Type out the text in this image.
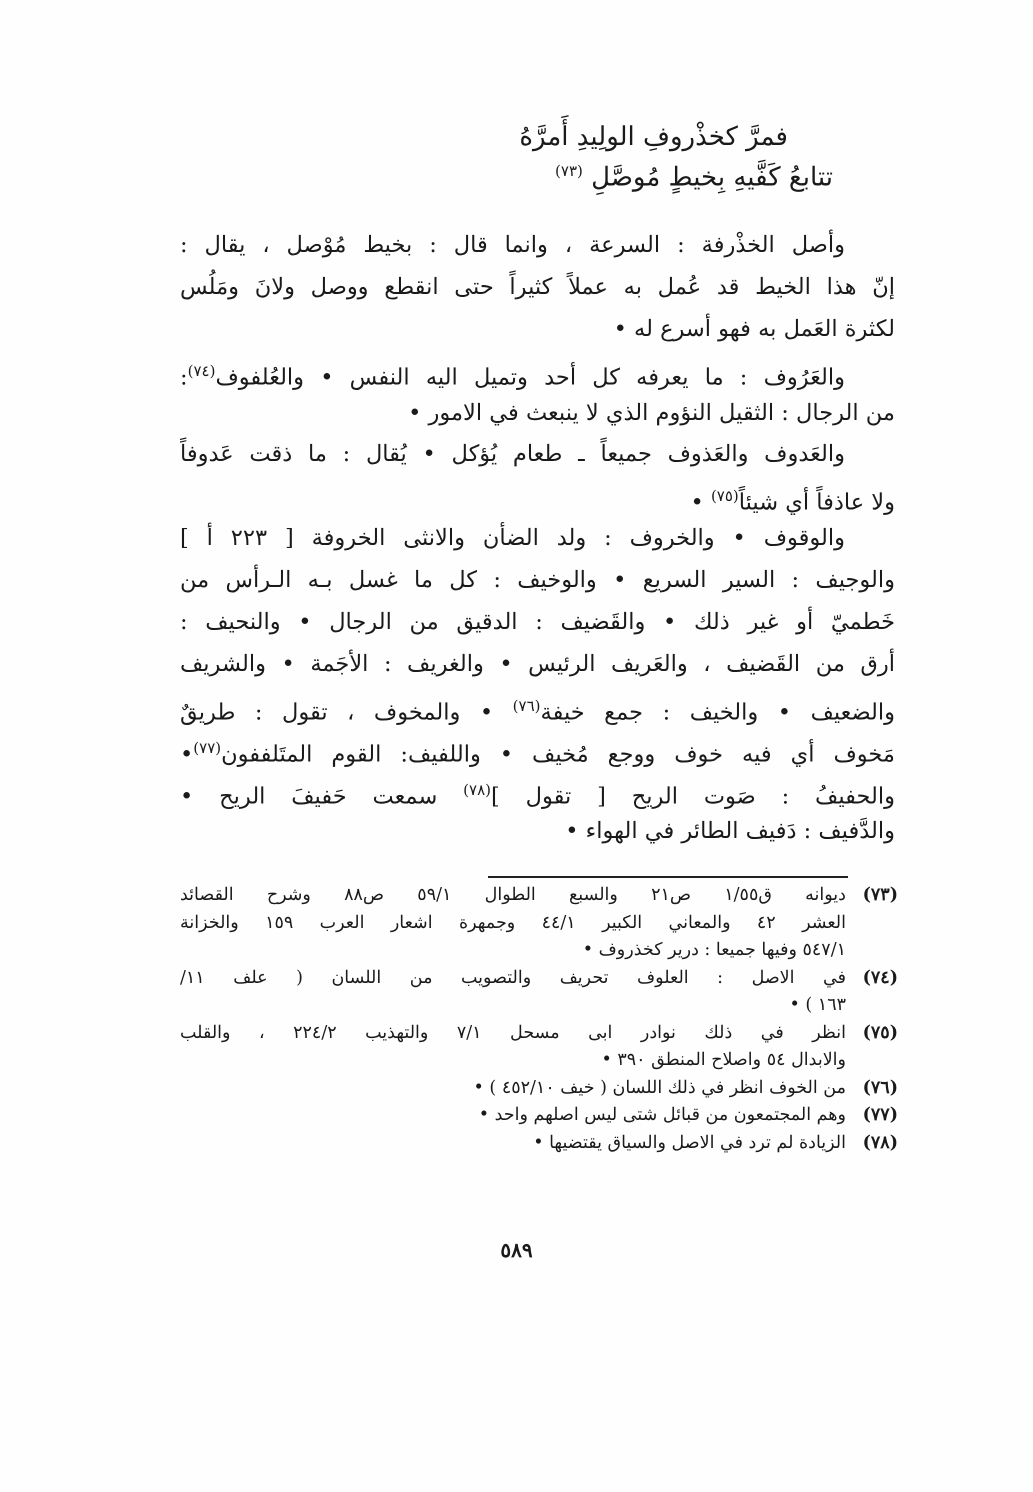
فمرَّ كخذْروفِ الولِيدِ أَمرَّهُ
تتابعُ كَفَّيهِ بِخيطٍ مُوصَّلِ $^{(٧٣)}$
وأصل الخذْرفة : السرعة ، وانما قال : بخيط مُوْصل ، يقال :
إنّ هذا الخيط قد عُمل به عملاً كثيراً حتى انقطع ووصل ولانَ ومَلُس
لكثرة العَمل به فهو أسرع له •
والعَرُوف : ما يعرفه كل أحد وتميل اليه النفس • والعُلفوف$^{(٧٤)}$:
من الرجال : الثقيل النؤوم الذي لا ينبعث في الامور •
والعَدوف والعَذوف جميعاً ـ طعام يُؤكل • يُقال : ما ذقت عَدوفاً
ولا عاذفاً أي شيئاً$^{(٧٥)}$ •
والوقوف • والخروف : ولد الضأن والانثى الخروفة [ ٢٢٣ أ ]
والوجيف : السير السريع • والوخيف : كل ما غسل بـه الـرأس من
خَطميّ أو غير ذلك • والقَضيف : الدقيق من الرجال • والنحيف :
أرق من القَضيف ، والعَريف الرئيس • والغريف : الأجَمة • والشريف
والضعيف • والخيف : جمع خيفة$^{(٧٦)}$ • والمخوف ، تقول : طريقٌ
مَخوف أي فيه خوف ووجع مُخيف • واللفيف: القوم المتَلففون$^{(٧٧)}$•
والحفيفُ : صَوت الريح [ تقول ]$^{(٧٨)}$ سمعت حَفيفَ الريح •
والدَّفيف : دَفيف الطائر في الهواء •
(٧٣)
ديوانه ق١/٥٥ ص٢١ والسبع الطوال ٥٩/١ ص٨٨ وشرح القصائد
العشر ٤٢ والمعاني الكبير ٤٤/١ وجمهرة اشعار العرب ١٥٩ والخزانة
٥٤٧/١ وفيها جميعا : درير كخذروف •
(٧٤)
في الاصل : العلوف تحريف والتصويب من اللسان ( علف ١١/
١٦٣ ) •
(٧٥)
انظر في ذلك نوادر ابى مسحل ٧/١ والتهذيب ٢٢٤/٢ ، والقلب
والابدال ٥٤ واصلاح المنطق ٣٩٠ •
(٧٦)
من الخوف انظر في ذلك اللسان ( خيف ٤٥٢/١٠ ) •
(٧٧)
وهم المجتمعون من قبائل شتى ليس اصلهم واحد •
(٧٨)
الزيادة لم ترد في الاصل والسياق يقتضيها •
٥٨٩
